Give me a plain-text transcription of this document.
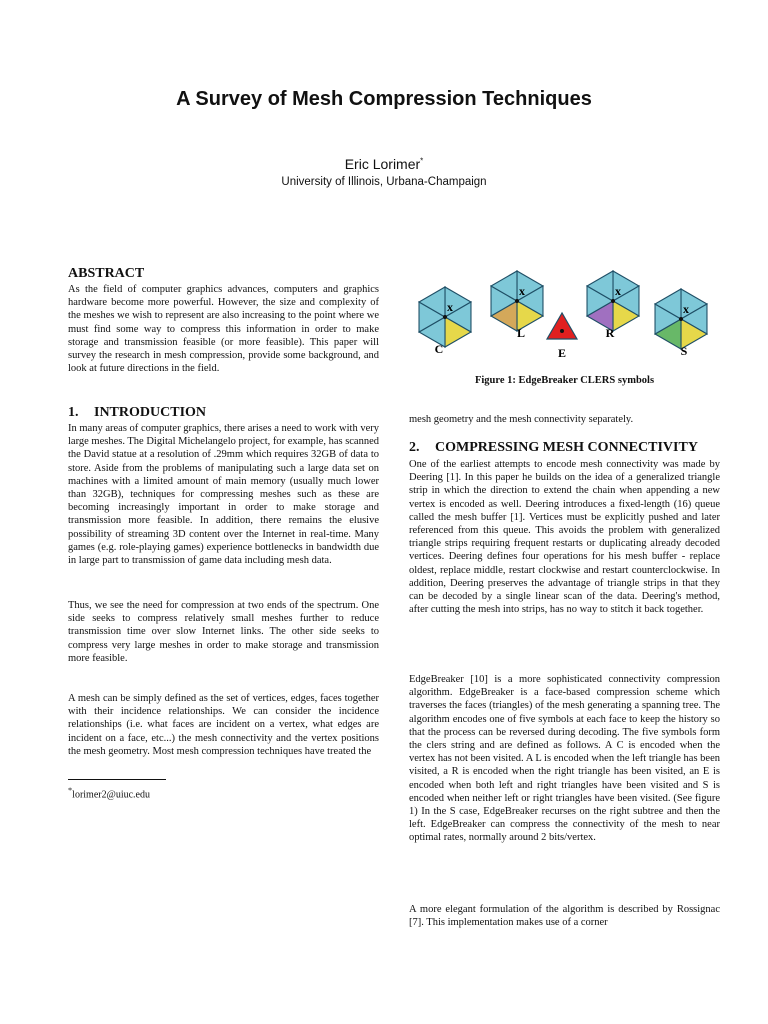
A Survey of Mesh Compression Techniques
Eric Lorimer*
University of Illinois, Urbana-Champaign
ABSTRACT

As the field of computer graphics advances, computers and graphics hardware become more powerful. However, the size and complexity of the meshes we wish to represent are also increasing to the point where we must find some way to compress this information in order to make storage and transmission feasible (or more feasible). This paper will survey the research in mesh compression, provide some background, and look at future directions in the field.

1. INTRODUCTION

In many areas of computer graphics, there arises a need to work with very large meshes. The Digital Michelangelo project, for example, has scanned the David statue at a resolution of .29mm which requires 32GB of data to store. Aside from the problems of manipulating such a large data set on machines with a limited amount of main memory (usually much lower than 32GB), techniques for compressing meshes such as these are becoming increasingly important in order to make storage and transmission more feasible. In addition, there remains the elusive possibility of streaming 3D content over the Internet in real-time. Many games (e.g. role-playing games) experience bottlenecks in bandwidth due in large part to transmission of game data including mesh data.

Thus, we see the need for compression at two ends of the spectrum. One side seeks to compress relatively small meshes further to reduce transmission time over slow Internet links. The other side seeks to compress very large meshes in order to make storage and transmission more feasible.

A mesh can be simply defined as the set of vertices, edges, faces together with their incidence relationships. We can consider the incidence relationships (i.e. what faces are incident on a vertex, what edges are incident on a face, etc...) the mesh connectivity and the vertex positions the mesh geometry. Most mesh compression techniques have treated the

*lorimer2@uiuc.edu

x
C
x
L
E
x
R
x
S
Figure 1: EdgeBreaker CLERS symbols

mesh geometry and the mesh connectivity separately.

2. COMPRESSING MESH CONNECTIVITY

One of the earliest attempts to encode mesh connectivity was made by Deering [1]. In this paper he builds on the idea of a generalized triangle strip in which the direction to extend the chain when appending a new vertex is encoded as well. Deering introduces a fixed-length (16) queue called the mesh buffer [1]. Vertices must be explicitly pushed and later referenced from this queue. This avoids the problem with generalized triangle strips requiring frequent restarts or duplicating already decoded vertices. Deering defines four operations for his mesh buffer - replace oldest, replace middle, restart clockwise and restart counterclockwise. In addition, Deering preserves the advantage of triangle strips in that they can be decoded by a single linear scan of the data. Deering's method, after cutting the mesh into strips, has no way to stitch it back together.

EdgeBreaker [10] is a more sophisticated connectivity compression algorithm. EdgeBreaker is a face-based compression scheme which traverses the faces (triangles) of the mesh generating a spanning tree. The algorithm encodes one of five symbols at each face to keep the history so that the process can be reversed during decoding. The five symbols form the clers string and are defined as follows. A C is encoded when the vertex has not been visited. A L is encoded when the left triangle has been visited, a R is encoded when the right triangle has been visited, an E is encoded when both left and right triangles have been visited and S is encoded when neither left or right triangles have been visited. (See figure 1) In the S case, EdgeBreaker recurses on the right subtree and then the left. EdgeBreaker can compress the connectivity of the mesh to near optimal rates, normally around 2 bits/vertex.

A more elegant formulation of the algorithm is described by Rossignac [7]. This implementation makes use of a corner
